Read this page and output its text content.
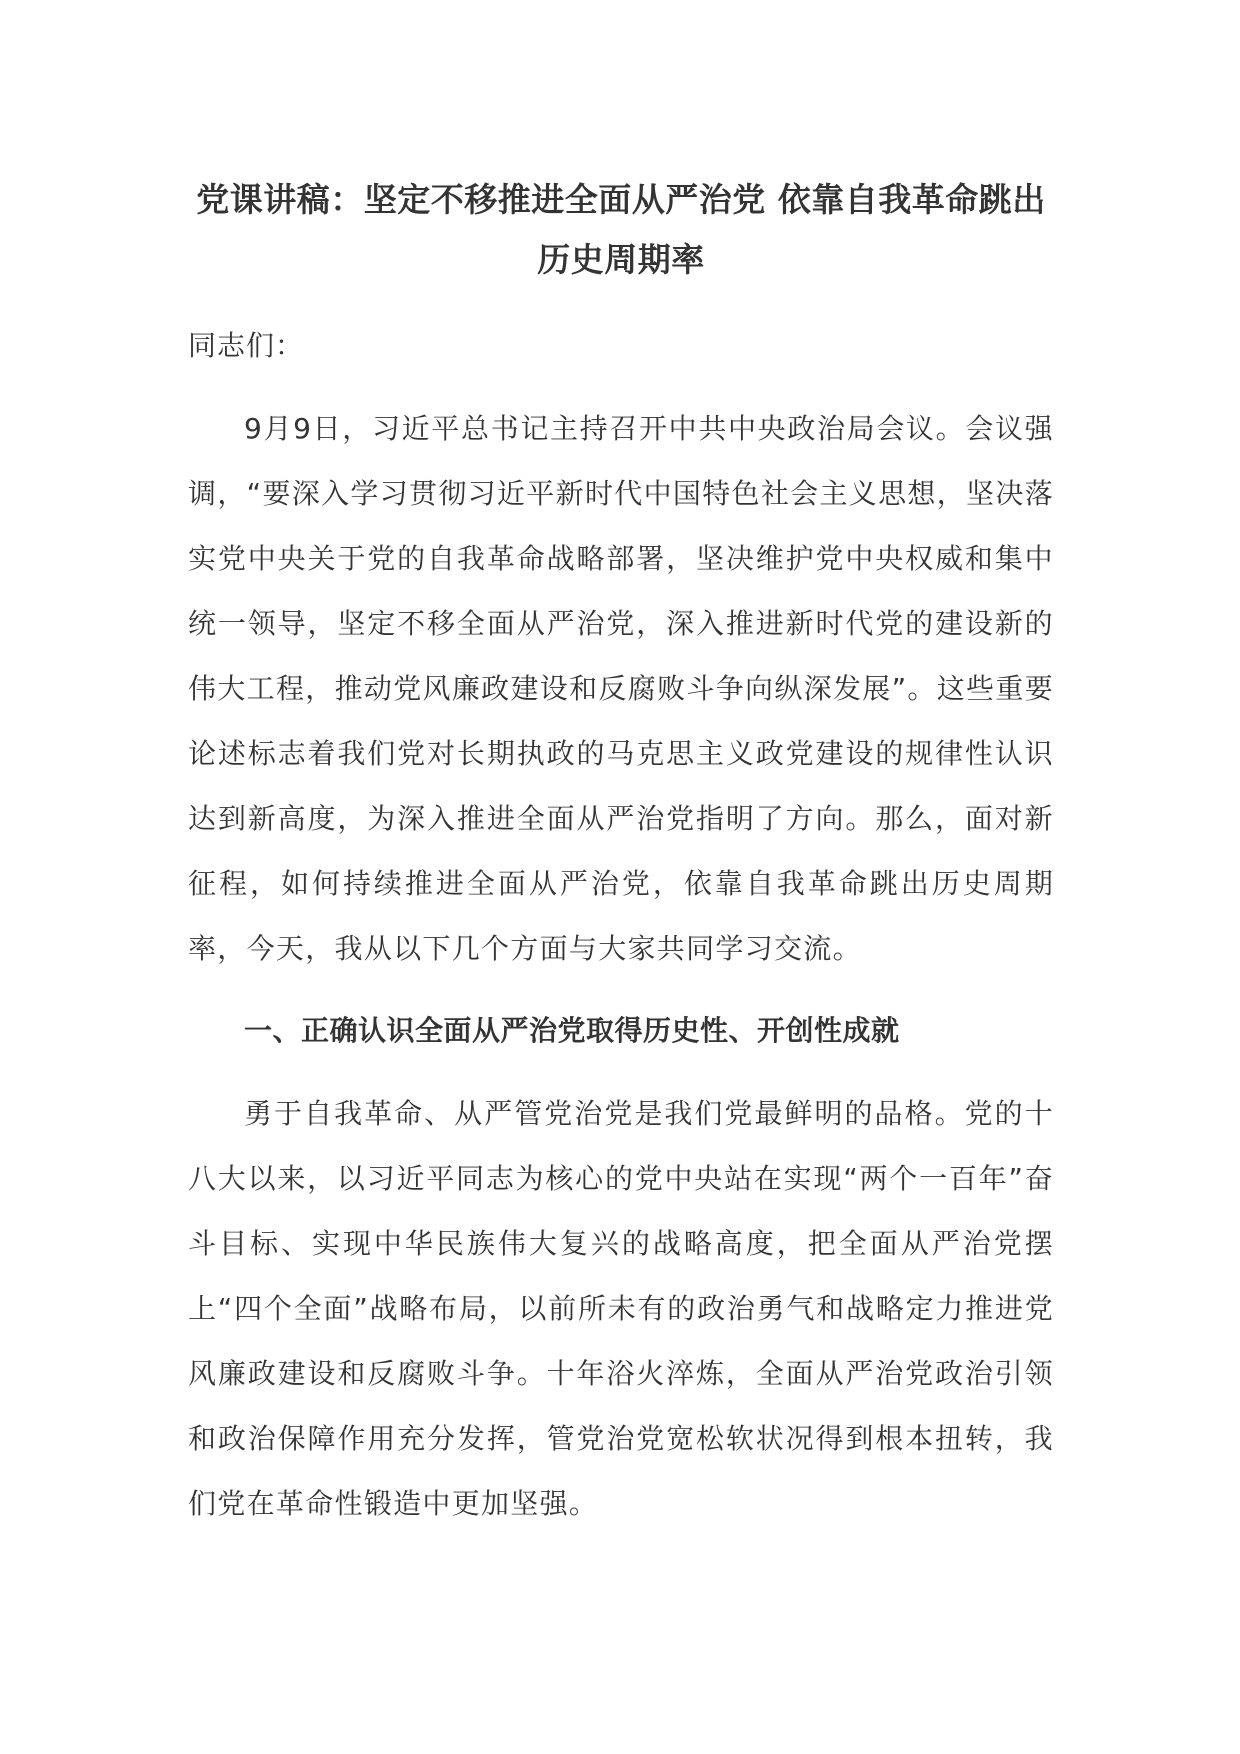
党课讲稿：坚定不移推进全面从严治党 依靠自我革命跳出历史周期率

同志们：

9月9日，习近平总书记主持召开中共中央政治局会议。会议强调，“要深入学习贯彻习近平新时代中国特色社会主义思想，坚决落实党中央关于党的自我革命战略部署，坚决维护党中央权威和集中统一领导，坚定不移全面从严治党，深入推进新时代党的建设新的伟大工程，推动党风廉政建设和反腐败斗争向纵深发展”。这些重要论述标志着我们党对长期执政的马克思主义政党建设的规律性认识达到新高度，为深入推进全面从严治党指明了方向。那么，面对新征程，如何持续推进全面从严治党，依靠自我革命跳出历史周期率，今天，我从以下几个方面与大家共同学习交流。

一、正确认识全面从严治党取得历史性、开创性成就

勇于自我革命、从严管党治党是我们党最鲜明的品格。党的十八大以来，以习近平同志为核心的党中央站在实现“两个一百年”奋斗目标、实现中华民族伟大复兴的战略高度，把全面从严治党摆上“四个全面”战略布局，以前所未有的政治勇气和战略定力推进党风廉政建设和反腐败斗争。十年浴火淬炼，全面从严治党政治引领和政治保障作用充分发挥，管党治党宽松软状况得到根本扭转，我们党在革命性锻造中更加坚强。
